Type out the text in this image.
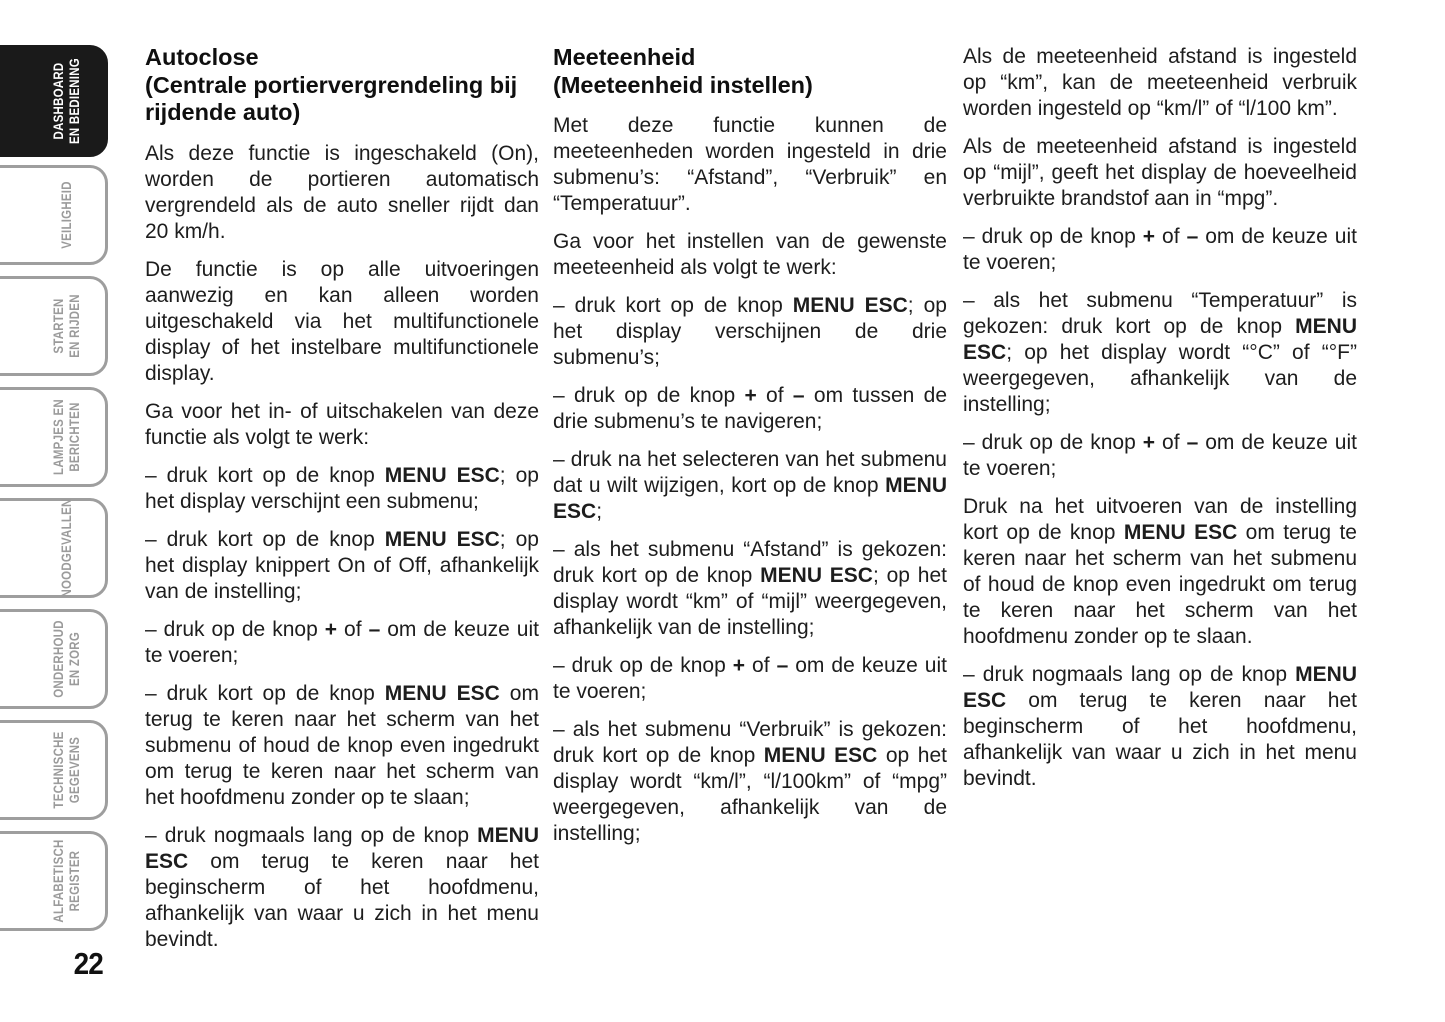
DASHBOARD EN BEDIENING
VEILIGHEID
STARTEN EN RIJDEN
LAMPJES EN BERICHTEN
NOODGEVALLEN
ONDERHOUD EN ZORG
TECHNISCHE GEGEVENS
ALFABETISCH REGISTER
Autoclose
(Centrale portiervergrendeling bij rijdende auto)

Als deze functie is ingeschakeld (On), worden de portieren automatisch vergrendeld als de auto sneller rijdt dan 20 km/h.

De functie is op alle uitvoeringen aanwezig en kan alleen worden uitgeschakeld via het multifunctionele display of het instelbare multifunctionele display.

Ga voor het in- of uitschakelen van deze functie als volgt te werk:

– druk kort op de knop MENU ESC; op het display verschijnt een submenu;

– druk kort op de knop MENU ESC; op het display knippert On of Off, afhankelijk van de instelling;

– druk op de knop + of – om de keuze uit te voeren;

– druk kort op de knop MENU ESC om terug te keren naar het scherm van het submenu of houd de knop even ingedrukt om terug te keren naar het scherm van het hoofdmenu zonder op te slaan;

– druk nogmaals lang op de knop MENU ESC om terug te keren naar het beginscherm of het hoofdmenu, afhankelijk van waar u zich in het menu bevindt.

Meeteenheid
(Meeteenheid instellen)

Met deze functie kunnen de meeteenheden worden ingesteld in drie submenu’s: “Afstand”, “Verbruik” en “Temperatuur”.

Ga voor het instellen van de gewenste meeteenheid als volgt te werk:

– druk kort op de knop MENU ESC; op het display verschijnen de drie submenu’s;

– druk op de knop + of – om tussen de drie submenu’s te navigeren;

– druk na het selecteren van het submenu dat u wilt wijzigen, kort op de knop MENU ESC;

– als het submenu “Afstand” is gekozen: druk kort op de knop MENU ESC; op het display wordt “km” of “mijl” weergegeven, afhankelijk van de instelling;

– druk op de knop + of – om de keuze uit te voeren;

– als het submenu “Verbruik” is gekozen: druk kort op de knop MENU ESC op het display wordt “km/l”, “l/100km” of “mpg” weergegeven, afhankelijk van de instelling;

Als de meeteenheid afstand is ingesteld op “km”, kan de meeteenheid verbruik worden ingesteld op “km/l” of “l/100 km”.

Als de meeteenheid afstand is ingesteld op “mijl”, geeft het display de hoeveelheid verbruikte brandstof aan in “mpg”.

– druk op de knop + of – om de keuze uit te voeren;

– als het submenu “Temperatuur” is gekozen: druk kort op de knop MENU ESC; op het display wordt “°C” of “°F” weergegeven, afhankelijk van de instelling;

– druk op de knop + of – om de keuze uit te voeren;

Druk na het uitvoeren van de instelling kort op de knop MENU ESC om terug te keren naar het scherm van het submenu of houd de knop even ingedrukt om terug te keren naar het scherm van het hoofdmenu zonder op te slaan.

– druk nogmaals lang op de knop MENU ESC om terug te keren naar het beginscherm of het hoofdmenu, afhankelijk van waar u zich in het menu bevindt.

22
